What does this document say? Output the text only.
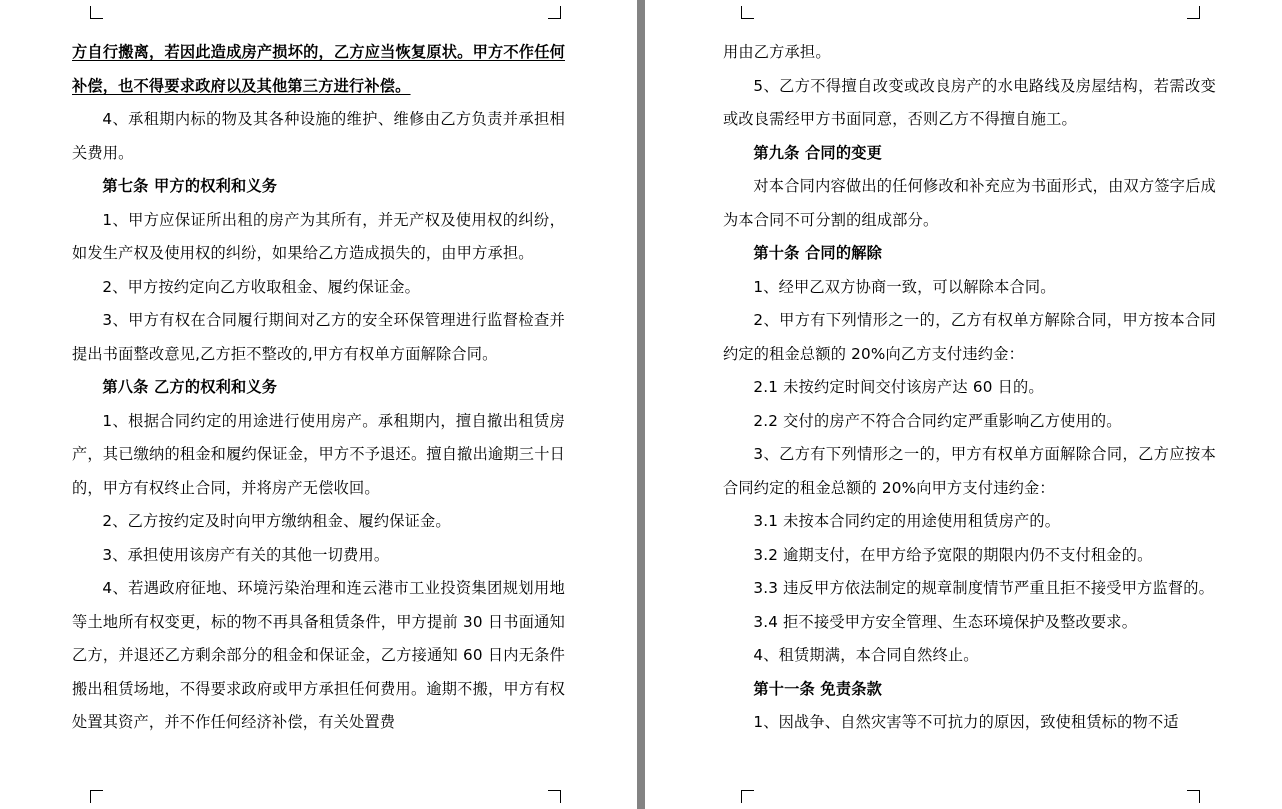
方自行搬离，若因此造成房产损坏的，乙方应当恢复原状。甲方不作任何补偿，也不得要求政府以及其他第三方进行补偿。

4、承租期内标的物及其各种设施的维护、维修由乙方负责并承担相关费用。

第七条 甲方的权利和义务

1、甲方应保证所出租的房产为其所有，并无产权及使用权的纠纷，如发生产权及使用权的纠纷，如果给乙方造成损失的，由甲方承担。

2、甲方按约定向乙方收取租金、履约保证金。

3、甲方有权在合同履行期间对乙方的安全环保管理进行监督检查并提出书面整改意见,乙方拒不整改的,甲方有权单方面解除合同。

第八条 乙方的权利和义务

1、根据合同约定的用途进行使用房产。承租期内，擅自撤出租赁房产，其已缴纳的租金和履约保证金，甲方不予退还。擅自撤出逾期三十日的，甲方有权终止合同，并将房产无偿收回。

2、乙方按约定及时向甲方缴纳租金、履约保证金。

3、承担使用该房产有关的其他一切费用。

4、若遇政府征地、环境污染治理和连云港市工业投资集团规划用地等土地所有权变更，标的物不再具备租赁条件，甲方提前 30 日书面通知乙方，并退还乙方剩余部分的租金和保证金，乙方接通知 60 日内无条件搬出租赁场地，不得要求政府或甲方承担任何费用。逾期不搬，甲方有权处置其资产，并不作任何经济补偿，有关处置费

用由乙方承担。

5、乙方不得擅自改变或改良房产的水电路线及房屋结构，若需改变或改良需经甲方书面同意，否则乙方不得擅自施工。

第九条 合同的变更

对本合同内容做出的任何修改和补充应为书面形式，由双方签字后成为本合同不可分割的组成部分。

第十条 合同的解除

1、经甲乙双方协商一致，可以解除本合同。

2、甲方有下列情形之一的，乙方有权单方解除合同，甲方按本合同约定的租金总额的 20%向乙方支付违约金：

2.1 未按约定时间交付该房产达 60 日的。

2.2 交付的房产不符合合同约定严重影响乙方使用的。

3、乙方有下列情形之一的，甲方有权单方面解除合同，乙方应按本合同约定的租金总额的 20%向甲方支付违约金：

3.1 未按本合同约定的用途使用租赁房产的。

3.2 逾期支付，在甲方给予宽限的期限内仍不支付租金的。

3.3 违反甲方依法制定的规章制度情节严重且拒不接受甲方监督的。

3.4 拒不接受甲方安全管理、生态环境保护及整改要求。

4、租赁期满，本合同自然终止。

第十一条 免责条款

1、因战争、自然灾害等不可抗力的原因，致使租赁标的物不适
